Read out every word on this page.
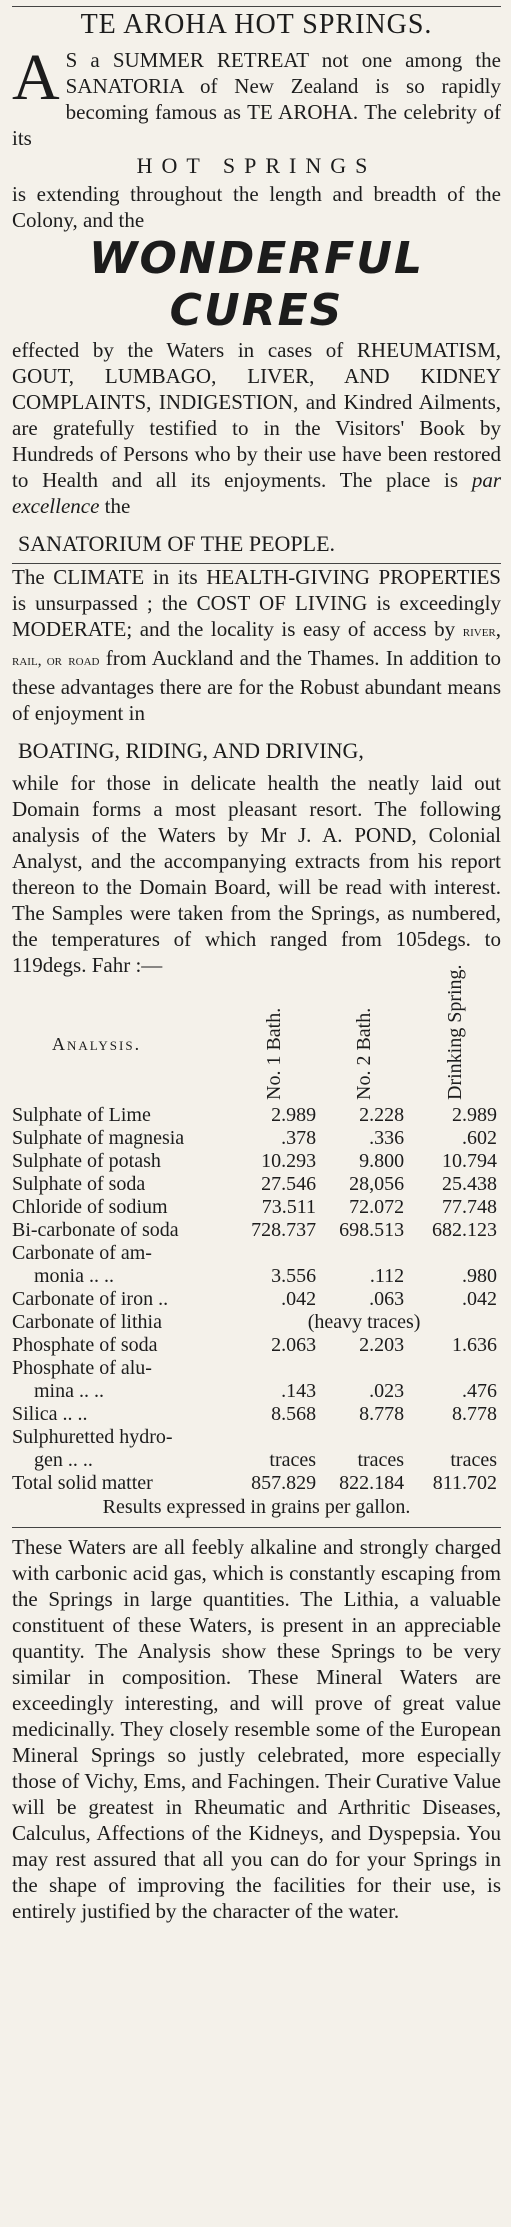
TE AROHA HOT SPRINGS.

A S a SUMMER RETREAT not one among the SANATORIA of New Zealand is so rapidly becoming famous as TE AROHA. The celebrity of its

HOT SPRINGS

is extending throughout the length and breadth of the Colony, and the

WONDERFUL CURES

effected by the Waters in cases of RHEUMATISM, GOUT, LUMBAGO, LIVER, AND KIDNEY COMPLAINTS, INDIGESTION, and Kindred Ailments, are gratefully testified to in the Visitors' Book by Hundreds of Persons who by their use have been restored to Health and all its enjoyments. The place is par excellence the

SANATORIUM OF THE PEOPLE.

The CLIMATE in its HEALTH-GIVING PROPERTIES is unsurpassed ; the COST OF LIVING is exceedingly MODERATE; and the locality is easy of access by river, rail, or road from Auckland and the Thames. In addition to these advantages there are for the Robust abundant means of enjoyment in

BOATING, RIDING, AND DRIVING,

while for those in delicate health the neatly laid out Domain forms a most pleasant resort. The following analysis of the Waters by Mr J. A. POND, Colonial Analyst, and the accompanying extracts from his report thereon to the Domain Board, will be read with interest. The Samples were taken from the Springs, as numbered, the temperatures of which ranged from 105degs. to 119degs. Fahr :—

Analysis.	No. 1 Bath.	No. 2 Bath.	Drinking Spring.

Sulphate of Lime	2.989	2.228	2.989
Sulphate of magnesia	.378	.336	.602
Sulphate of potash	10.293	9.800	10.794
Sulphate of soda	27.546	28,056	25.438
Chloride of sodium	73.511	72.072	77.748
Bi-carbonate of soda	728.737	698.513	682.123
Carbonate of am-			
monia .. ..	3.556	.112	.980
Carbonate of iron ..	.042	.063	.042
Carbonate of lithia	(heavy traces)		
Phosphate of soda	2.063	2.203	1.636
Phosphate of alu-			
mina .. ..	.143	.023	.476
Silica .. ..	8.568	8.778	8.778
Sulphuretted hydro-			
gen .. ..	traces	traces	traces
Total solid matter	857.829	822.184	811.702

Results expressed in grains per gallon.

These Waters are all feebly alkaline and strongly charged with carbonic acid gas, which is constantly escaping from the Springs in large quantities. The Lithia, a valuable constituent of these Waters, is present in an appreciable quantity. The Analysis show these Springs to be very similar in composition. These Mineral Waters are exceedingly interesting, and will prove of great value medicinally. They closely resemble some of the European Mineral Springs so justly celebrated, more especially those of Vichy, Ems, and Fachingen. Their Curative Value will be greatest in Rheumatic and Arthritic Diseases, Calculus, Affections of the Kidneys, and Dyspepsia. You may rest assured that all you can do for your Springs in the shape of improving the facilities for their use, is entirely justified by the character of the water.
